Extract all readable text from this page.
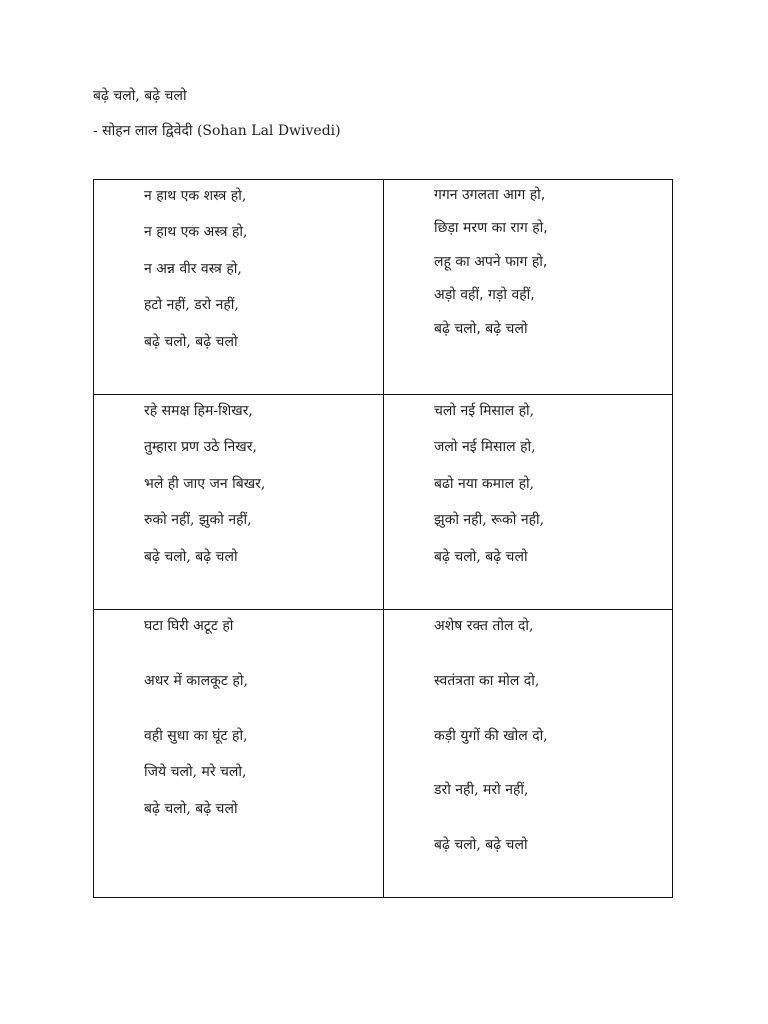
बढ़े चलो, बढ़े चलो
- सोहन लाल द्विवेदी (Sohan Lal Dwivedi)
न हाथ एक शस्त्र हो,
न हाथ एक अस्त्र हो,
न अन्न वीर वस्त्र हो,
हटो नहीं, डरो नहीं,
बढ़े चलो, बढ़े चलो
गगन उगलता आग हो,
छिड़ा मरण का राग हो,
लहू का अपने फाग हो,
अड़ो वहीं, गड़ो वहीं,
बढ़े चलो, बढ़े चलो
रहे समक्ष हिम-शिखर,
तुम्हारा प्रण उठे निखर,
भले ही जाए जन बिखर,
रुको नहीं, झुको नहीं,
बढ़े चलो, बढ़े चलो
चलो नई मिसाल हो,
जलो नई मिसाल हो,
बढो नया कमाल हो,
झुको नही, रूको नही,
बढ़े चलो, बढ़े चलो
घटा घिरी अटूट हो
अधर में कालकूट हो,
वही सुधा का घूंट हो,
जिये चलो, मरे चलो,
बढ़े चलो, बढ़े चलो
अशेष रक्त तोल दो,
स्वतंत्रता का मोल दो,
कड़ी युगों की खोल दो,
डरो नही, मरो नहीं,
बढ़े चलो, बढ़े चलो
